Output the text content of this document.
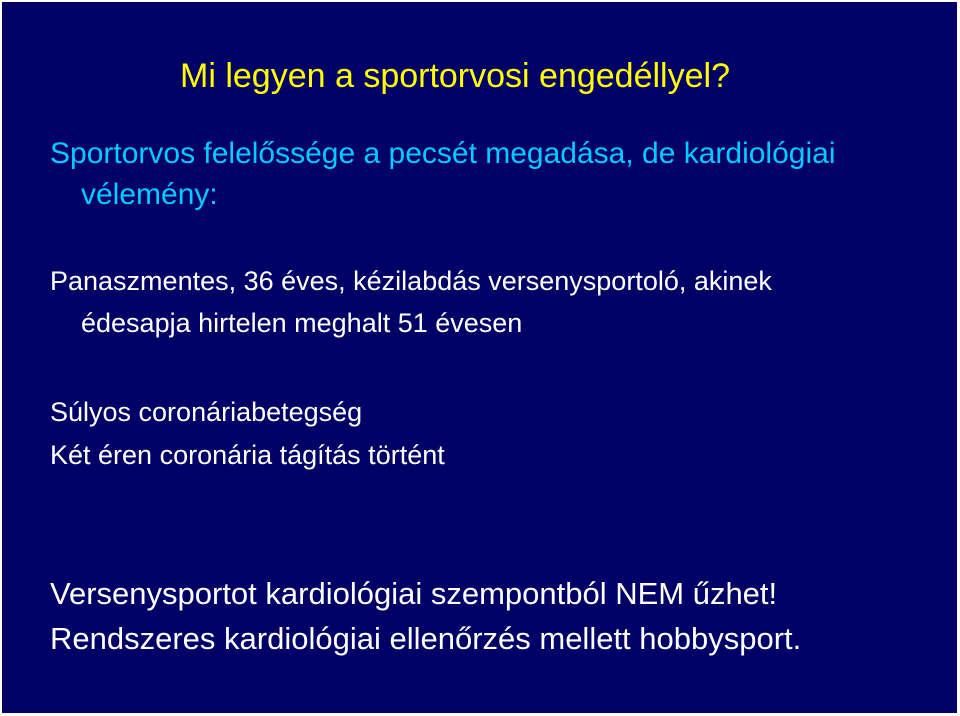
Mi legyen a sportorvosi engedéllyel?
Sportorvos felelőssége a pecsét megadása, de kardiológiai
vélemény:
Panaszmentes, 36 éves, kézilabdás versenysportoló, akinek
édesapja hirtelen meghalt 51 évesen
Súlyos coronáriabetegség
Két éren coronária tágítás történt
Versenysportot kardiológiai szempontból NEM űzhet!
Rendszeres kardiológiai ellenőrzés mellett hobbysport.
